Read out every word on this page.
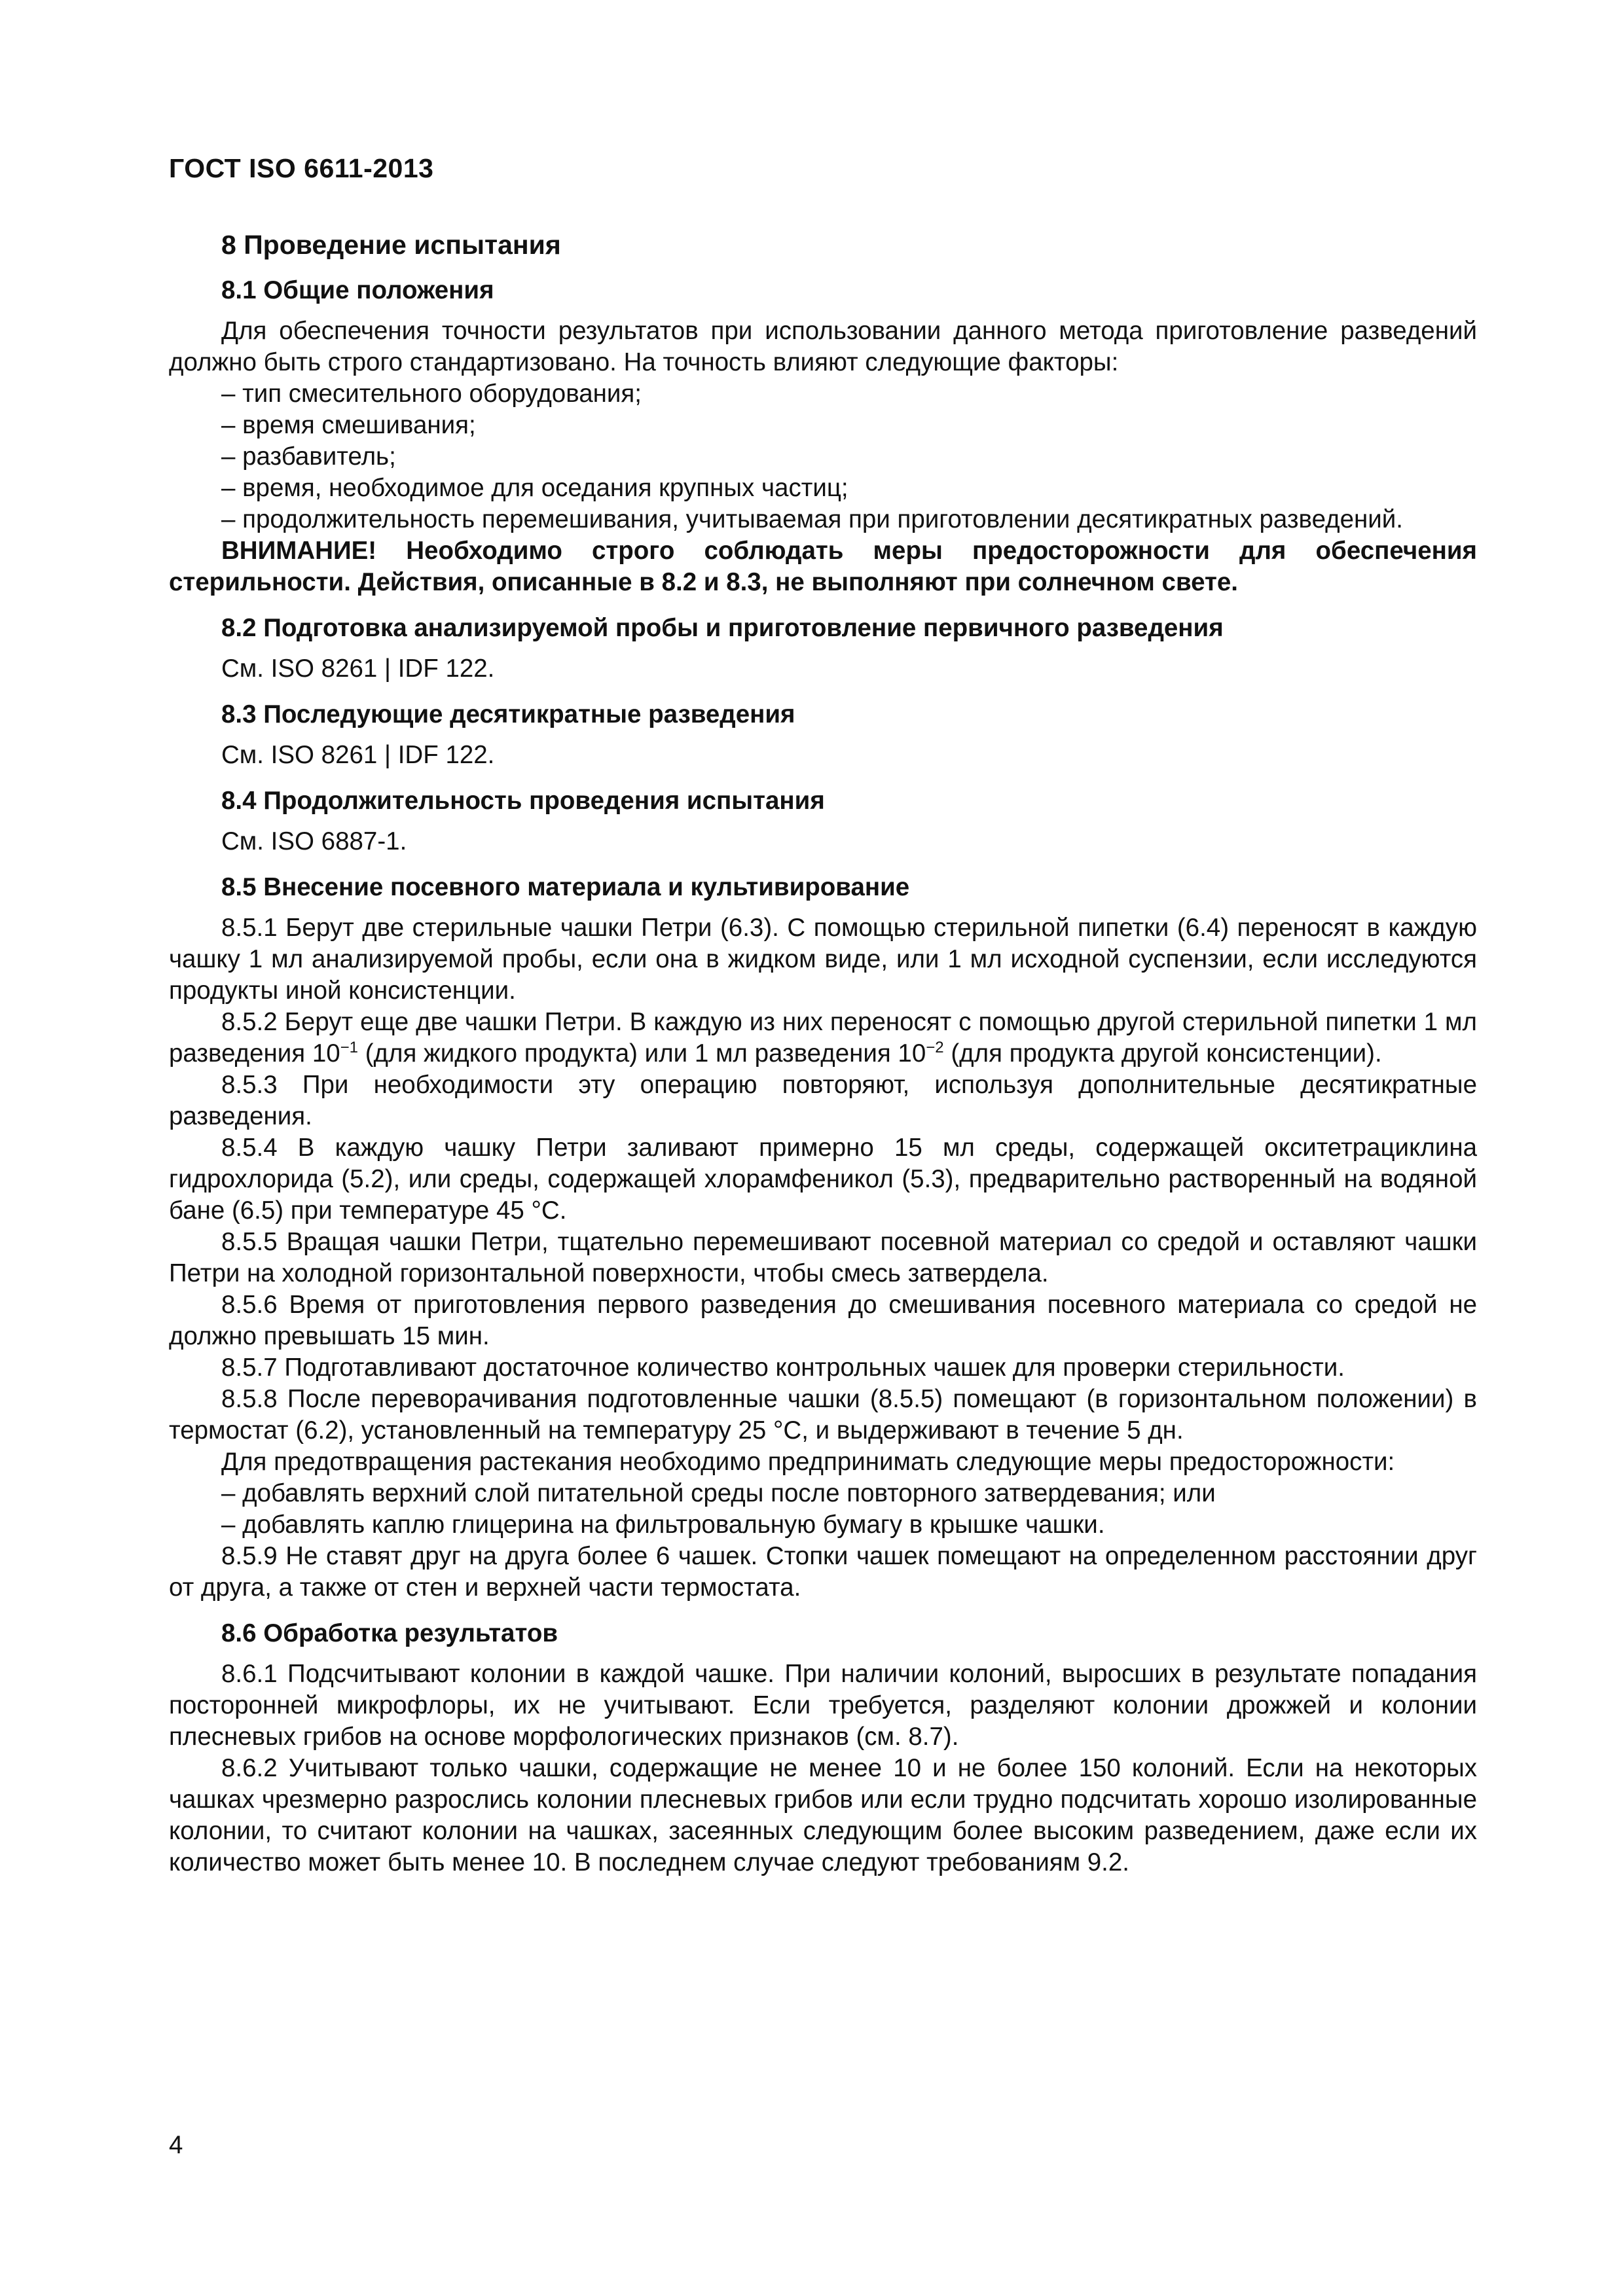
ГОСТ ISO 6611-2013
8 Проведение испытания
8.1 Общие положения

Для обеспечения точности результатов при использовании данного метода приготовление разведений должно быть строго стандартизовано. На точность влияют следующие факторы:

– тип смесительного оборудования;

– время смешивания;

– разбавитель;

– время, необходимое для оседания крупных частиц;

– продолжительность перемешивания, учитываемая при приготовлении десятикратных разведений.

ВНИМАНИЕ! Необходимо строго соблюдать меры предосторожности для обеспечения стерильности. Действия, описанные в 8.2 и 8.3, не выполняют при солнечном свете.

8.2 Подготовка анализируемой пробы и приготовление первичного разведения

См. ISO 8261 | IDF 122.

8.3 Последующие десятикратные разведения

См. ISO 8261 | IDF 122.

8.4 Продолжительность проведения испытания

См. ISO 6887-1.

8.5 Внесение посевного материала и культивирование

8.5.1 Берут две стерильные чашки Петри (6.3). С помощью стерильной пипетки (6.4) переносят в каждую чашку 1 мл анализируемой пробы, если она в жидком виде, или 1 мл исходной суспензии, если исследуются продукты иной консистенции.

8.5.2 Берут еще две чашки Петри. В каждую из них переносят с помощью другой стерильной пипетки 1 мл разведения $10^{-1}$ (для жидкого продукта) или 1 мл разведения $10^{-2}$ (для продукта другой консистенции).

8.5.3 При необходимости эту операцию повторяют, используя дополнительные десятикратные разведения.

8.5.4 В каждую чашку Петри заливают примерно 15 мл среды, содержащей окситетрациклина гидрохлорида (5.2), или среды, содержащей хлорамфеникол (5.3), предварительно растворенный на водяной бане (6.5) при температуре 45 °С.

8.5.5 Вращая чашки Петри, тщательно перемешивают посевной материал со средой и оставляют чашки Петри на холодной горизонтальной поверхности, чтобы смесь затвердела.

8.5.6 Время от приготовления первого разведения до смешивания посевного материала со средой не должно превышать 15 мин.

8.5.7 Подготавливают достаточное количество контрольных чашек для проверки стерильности.

8.5.8 После переворачивания подготовленные чашки (8.5.5) помещают (в горизонтальном положении) в термостат (6.2), установленный на температуру 25 °С, и выдерживают в течение 5 дн.

Для предотвращения растекания необходимо предпринимать следующие меры предосторожности:

– добавлять верхний слой питательной среды после повторного затвердевания; или

– добавлять каплю глицерина на фильтровальную бумагу в крышке чашки.

8.5.9 Не ставят друг на друга более 6 чашек. Стопки чашек помещают на определенном расстоянии друг от друга, а также от стен и верхней части термостата.

8.6 Обработка результатов

8.6.1 Подсчитывают колонии в каждой чашке. При наличии колоний, выросших в результате попадания посторонней микрофлоры, их не учитывают. Если требуется, разделяют колонии дрожжей и колонии плесневых грибов на основе морфологических признаков (см. 8.7).

8.6.2 Учитывают только чашки, содержащие не менее 10 и не более 150 колоний. Если на некоторых чашках чрезмерно разрослись колонии плесневых грибов или если трудно подсчитать хорошо изолированные колонии, то считают колонии на чашках, засеянных следующим более высоким разведением, даже если их количество может быть менее 10. В последнем случае следуют требованиям 9.2.

4
